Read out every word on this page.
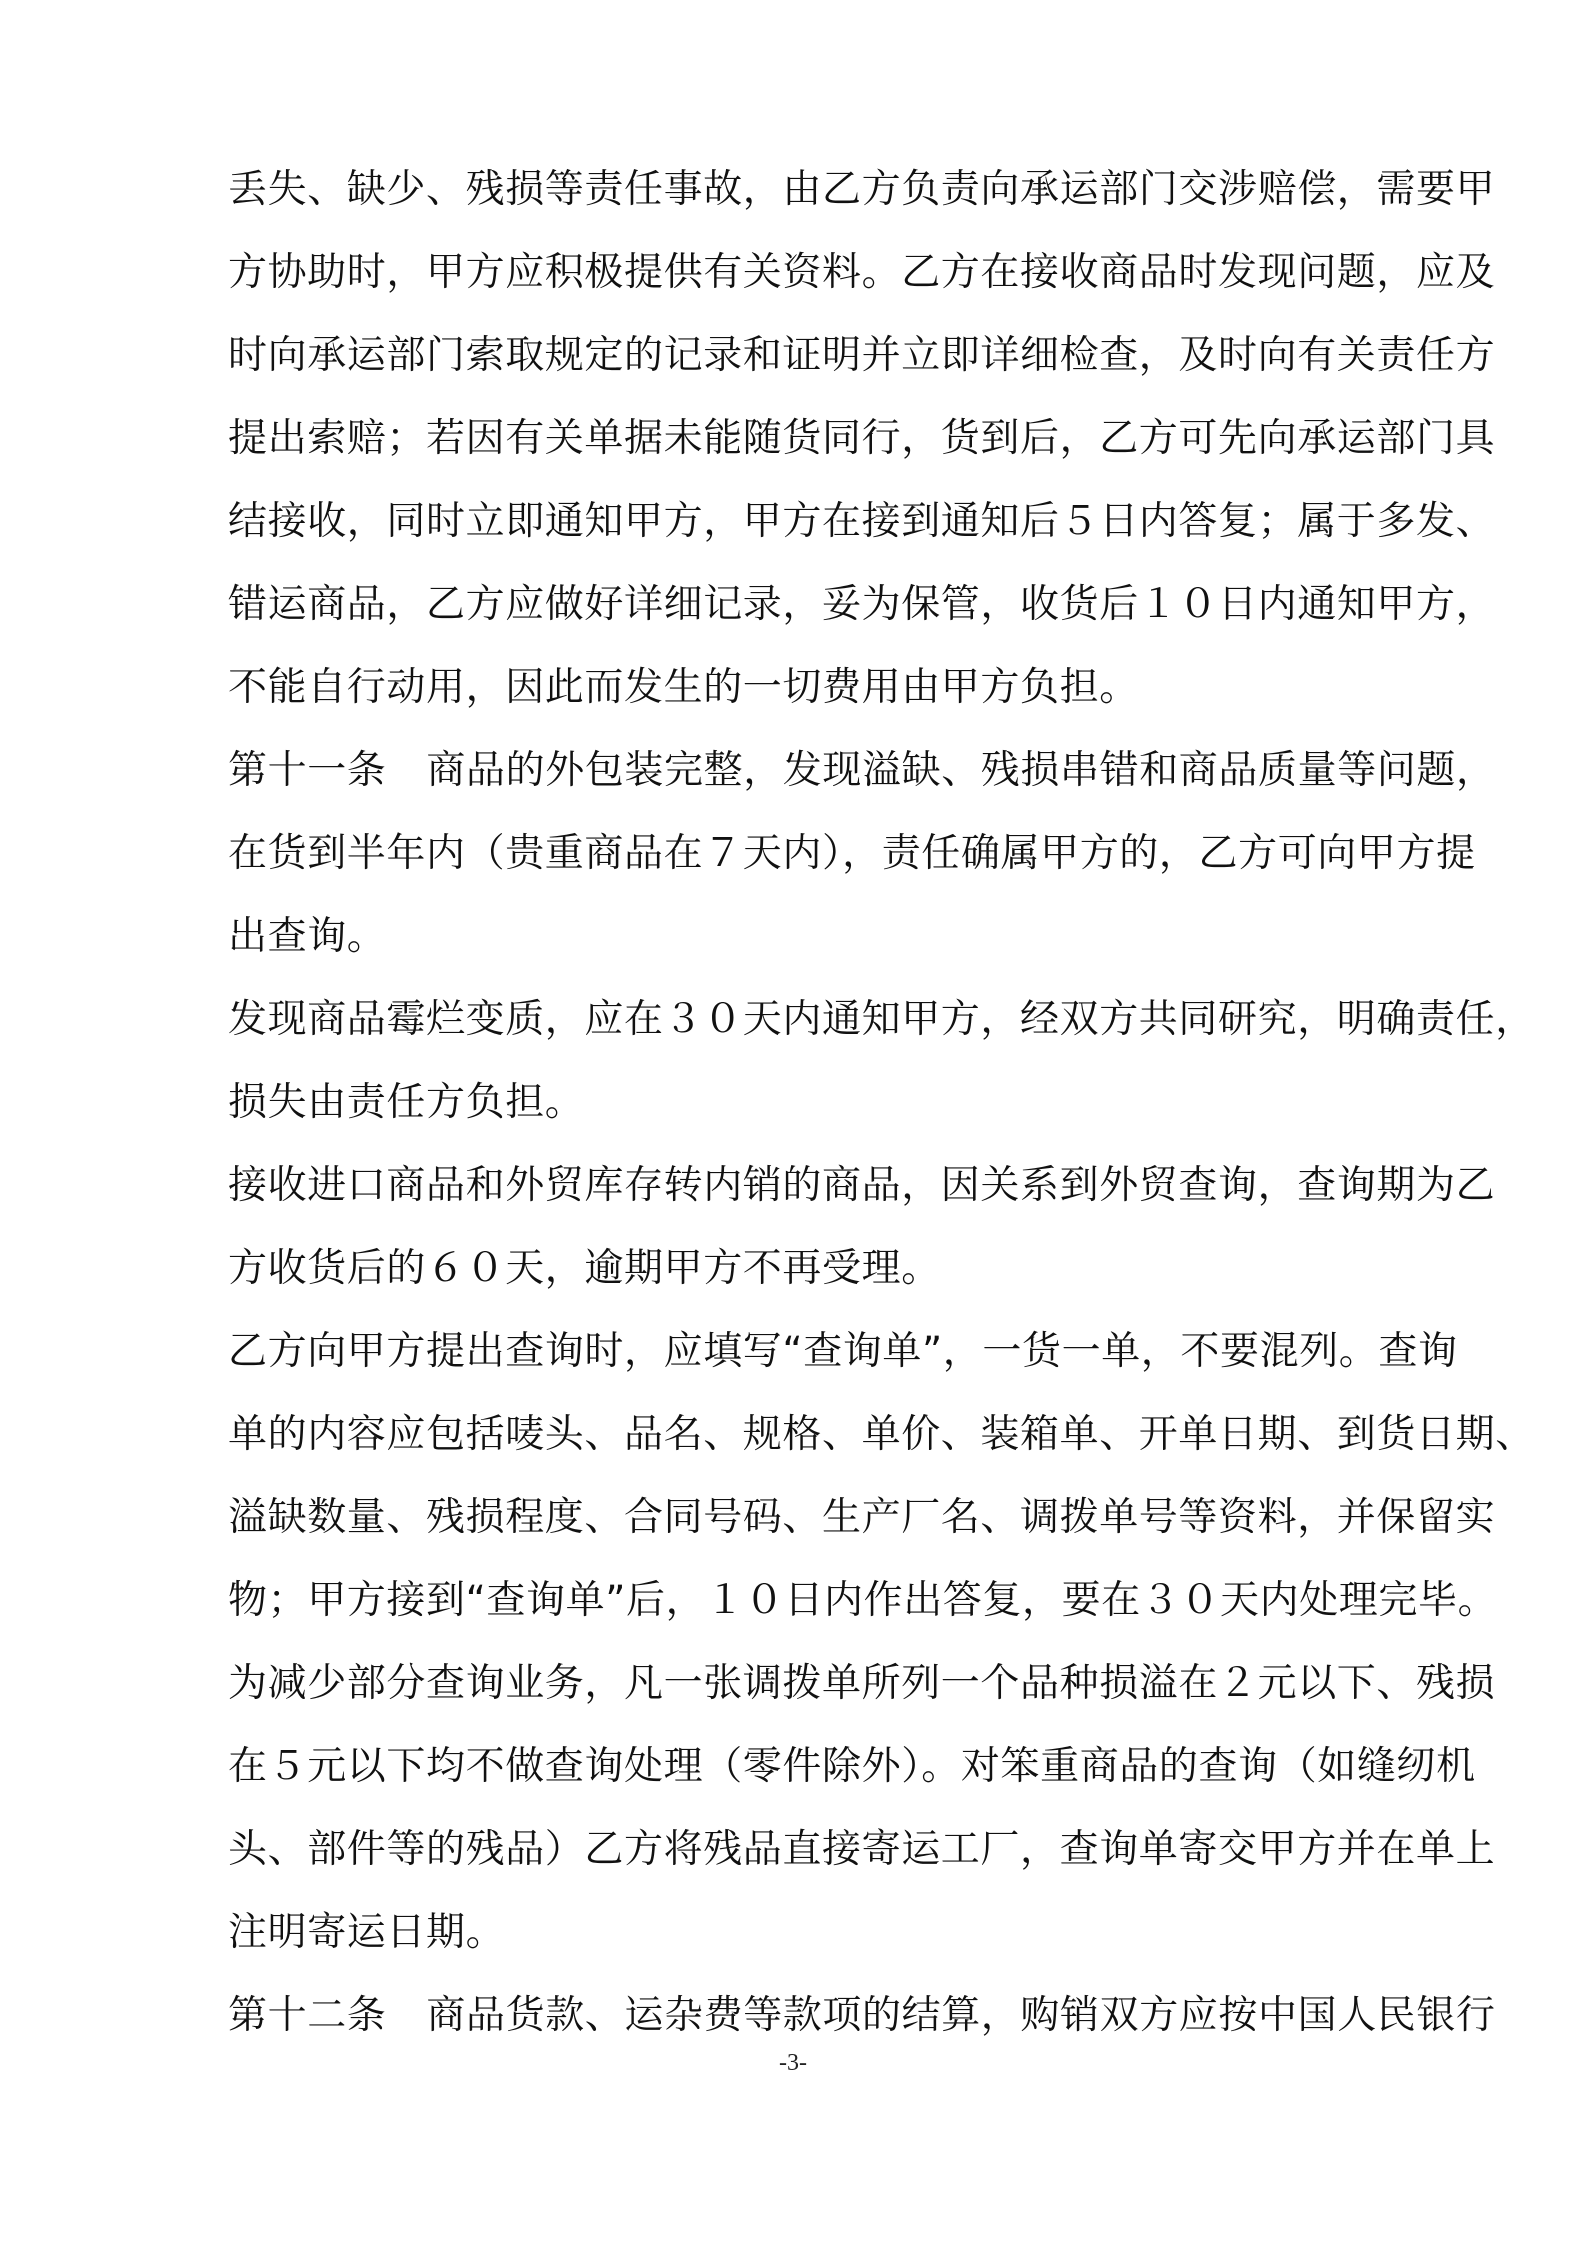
丢失、缺少、残损等责任事故，由乙方负责向承运部门交涉赔偿，需要甲
方协助时，甲方应积极提供有关资料。乙方在接收商品时发现问题，应及
时向承运部门索取规定的记录和证明并立即详细检查，及时向有关责任方
提出索赔；若因有关单据未能随货同行，货到后，乙方可先向承运部门具
结接收，同时立即通知甲方，甲方在接到通知后５日内答复；属于多发、
错运商品，乙方应做好详细记录，妥为保管，收货后１０日内通知甲方，
不能自行动用，因此而发生的一切费用由甲方负担。
第十一条 商品的外包装完整，发现溢缺、残损串错和商品质量等问题，
在货到半年内（贵重商品在７天内），责任确属甲方的，乙方可向甲方提
出查询。
发现商品霉烂变质，应在３０天内通知甲方，经双方共同研究，明确责任，
损失由责任方负担。
接收进口商品和外贸库存转内销的商品，因关系到外贸查询，查询期为乙
方收货后的６０天，逾期甲方不再受理。
乙方向甲方提出查询时，应填写“查询单”，一货一单，不要混列。查询
单的内容应包括唛头、品名、规格、单价、装箱单、开单日期、到货日期、
溢缺数量、残损程度、合同号码、生产厂名、调拨单号等资料，并保留实
物；甲方接到“查询单”后，１０日内作出答复，要在３０天内处理完毕。
为减少部分查询业务，凡一张调拨单所列一个品种损溢在２元以下、残损
在５元以下均不做查询处理（零件除外）。对笨重商品的查询（如缝纫机
头、部件等的残品）乙方将残品直接寄运工厂，查询单寄交甲方并在单上
注明寄运日期。
第十二条 商品货款、运杂费等款项的结算，购销双方应按中国人民银行
-3-
